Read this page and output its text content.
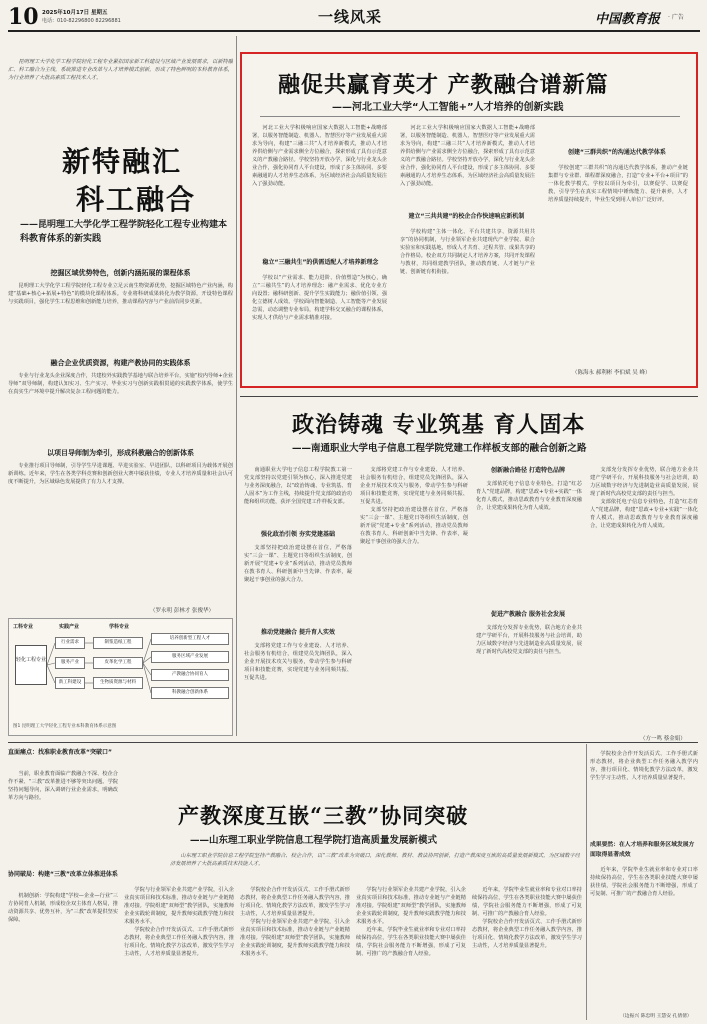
10 2025年10月17日 星期五
电话：010-82296800 82296881	一线风采	中国教育报 · 广告

昆明理工大学化学工程学院轻化工程专业紧扣国家新工科建设与区域产业发展需求，以新特融汇、科工融合为主线，系统推进专业改革与人才培养模式创新，形成了特色鲜明的本科教育体系，为行业培养了大批高素质工程技术人才。

新特融汇
科工融合
——昆明理工大学化学工程学院轻化工程专业构建本科教育体系的新实践
挖掘区域优势特色，创新内涵拓展的课程体系

昆明理工大学化学工程学院轻化工程专业立足云南生物资源优势，挖掘区域特色产业内涵，构建“基础+核心+拓展+特色”的模块化课程体系。专业将科研成果转化为教学资源，开设特色课程与实践项目，强化学生工程思维和创新能力培养，推动课程内容与产业前沿同步更新。

融合企业优质资源，构建产教协同的实践体系

专业与行业龙头企业深度合作，共建校外实践教学基地与联合培养平台，实施“校内导师+企业导师”双导师制，构建认知实习、生产实习、毕业实习与创新实践相贯通的实践教学体系，使学生在真实生产环境中提升解决复杂工程问题的能力。

以项目导师制为牵引，形成科教融合的创新体系

专业推行项目导师制，引导学生早进课题、早进实验室、早进团队，以科研项目为载体开展创新训练。近年来，学生在各类学科竞赛和创新创业大赛中屡获佳绩，专业人才培养质量和社会认可度不断提升，为区域绿色发展提供了有力人才支撑。

（罗永明 彭林才 张俊华）
工科专业	实践产业	学科专业
轻化工程专业
行业需求
服务产业
新工科建设
制浆造纸工程
皮革化学工程
生物质资源与材料
培养创新型工程人才
服务区域产业发展
产教融合协同育人
科教融合创新体系
图1 昆明理工大学轻化工程专业本科教育体系示意图
融促共赢育英才 产教融合谱新篇
——河北工业大学“人工智能+”人才培养的创新实践

河北工业大学积极响应国家大数据人工智能+战略部署，以服务智能制造、机器人、智慧医疗等产业发展重大需求为导向，构建“三融三共”人才培养新模式，推动人才培养供给侧与产业需求侧全方位融合，探索形成了具有示范意义的产教融合路径。学校坚持开放办学，深化与行业龙头企业合作，强化协同育人平台建设，形成了多主体协同、多要素融通的人才培养生态体系，为区域经济社会高质量发展注入了强劲动能。

稳立“三融共生”的供需适配人才培养新理念

学校以“产业需求、能力进阶、价值塑造”为核心，确立“三融共生”的人才培养理念：融产业需求、优化专业方向设置；融科研创新、提升学生实践能力；融价值引领、强化立德树人成效。学校面向智能制造、人工智能等产业发展急需，动态调整专业布局，构建学科交叉融合的课程体系，实现人才供给与产业需求精准对接。

河北工业大学积极响应国家大数据人工智能+战略部署，以服务智能制造、机器人、智慧医疗等产业发展重大需求为导向，构建“三融三共”人才培养新模式，推动人才培养供给侧与产业需求侧全方位融合，探索形成了具有示范意义的产教融合路径。学校坚持开放办学，深化与行业龙头企业合作，强化协同育人平台建设，形成了多主体协同、多要素融通的人才培养生态体系，为区域经济社会高质量发展注入了强劲动能。

建立“三共共建”的校企合作快速响应新机制

学校构建“主体一体化、平台共建共享、资源共用共享”的协同机制，与行业领军企业共建现代产业学院、联合实验室和实践基地，形成人才共育、过程共管、成果共享的合作格局。校企双方共同制定人才培养方案，共同开发课程与教材，共同组建教学团队，推动教育链、人才链与产业链、创新链有机衔接。

创建“三群共织”的沟通达代教学体系

学校创建“三群共织”的沟通达代教学体系，推动产业链集群与专业群、课程群深度融合，打造“专业+平台+项目”的一体化教学模式。学校以项目为牵引，以赛促学、以赛促教，引导学生在真实工程情境中锤炼能力、提升素养，人才培养质量持续提升，毕业生受到用人单位广泛好评。

（陈海永 郝利彬 李伯斌 吴 峰）
政治铸魂 专业筑基 育人固本
——南通职业大学电子信息工程学院党建工作样板支部的融合创新之路

南通职业大学电子信息工程学院教工第一党支部坚持以党建引领为核心，深入推进党建与业务深度融合，以“政治铸魂、专业筑基、育人固本”为工作主线，持续提升党支部的政治功能和组织功能，获评全国党建工作样板支部。

强化政治引领 夯实党建基础

支部坚持把政治建设摆在首位，严格落实“三会一课”、主题党日等组织生活制度，创新开展“党建+专业”系列活动，推动党员教师在教书育人、科研创新中当先锋、作表率，凝聚起干事创业的强大合力。

推动党建融合 提升育人实效

支部将党建工作与专业建设、人才培养、社会服务有机结合，组建党员先锋团队，深入企业开展技术攻关与服务，带动学生参与科研项目和技能竞赛，实现党建与业务同频共振、互促共进。

支部将党建工作与专业建设、人才培养、社会服务有机结合，组建党员先锋团队，深入企业开展技术攻关与服务，带动学生参与科研项目和技能竞赛，实现党建与业务同频共振、互促共进。

支部坚持把政治建设摆在首位，严格落实“三会一课”、主题党日等组织生活制度，创新开展“党建+专业”系列活动，推动党员教师在教书育人、科研创新中当先锋、作表率，凝聚起干事创业的强大合力。

创新融合路径 打造特色品牌

支部依托电子信息专业特色，打造“红芯育人”党建品牌，构建“思政+专业+实践”一体化育人模式，推动思政教育与专业教育深度融合，让党建成果转化为育人成效。

促进产教融合 服务社会发展

支部充分发挥专业优势，联合地方企业共建产学研平台，开展科技服务与社会培训，助力区域数字经济与先进制造业高质量发展，展现了新时代高校党支部的责任与担当。

支部充分发挥专业优势，联合地方企业共建产学研平台，开展科技服务与社会培训，助力区域数字经济与先进制造业高质量发展，展现了新时代高校党支部的责任与担当。

支部依托电子信息专业特色，打造“红芯育人”党建品牌，构建“思政+专业+实践”一体化育人模式，推动思政教育与专业教育深度融合，让党建成果转化为育人成效。

（方一鸣 蔡金娟）
直面痛点：找准职业教育改革“突破口”

当前，职业教育面临产教融合不深、校企合作不紧、“三教”改革推进不够等突出问题。学院坚持问题导向，深入调研行业企业需求，明确改革方向与路径。

协同破局：构建“三教”改革立体推进体系

机制创新：学院构建“学校—企业—行业”三方协同育人机制，形成校企双主体育人格局，推动资源共享、优势互补，为“三教”改革提供坚实保障。

产教深度互嵌“三教”协同突破
——山东理工职业学院信息工程学院打造高质量发展新模式

山东理工职业学院信息工程学院坚持产教融合、校企合作，以“三教”改革为突破口，深化教师、教材、教法协同创新，打造产教深度互嵌的高质量发展新模式，为区域数字经济发展培养了大批高素质技术技能人才。

学院与行业领军企业共建产业学院，引入企业真实项目和技术标准，推动专业链与产业链精准对接。学院组建“双师型”教学团队，实施教师企业实践轮训制度，提升教师实践教学能力和技术服务水平。

学院校企合作开发活页式、工作手册式新形态教材，将企业典型工作任务融入教学内容，推行项目化、情境化教学方法改革，激发学生学习主动性，人才培养质量显著提升。

学院校企合作开发活页式、工作手册式新形态教材，将企业典型工作任务融入教学内容，推行项目化、情境化教学方法改革，激发学生学习主动性，人才培养质量显著提升。

学院与行业领军企业共建产业学院，引入企业真实项目和技术标准，推动专业链与产业链精准对接。学院组建“双师型”教学团队，实施教师企业实践轮训制度，提升教师实践教学能力和技术服务水平。

学院与行业领军企业共建产业学院，引入企业真实项目和技术标准，推动专业链与产业链精准对接。学院组建“双师型”教学团队，实施教师企业实践轮训制度，提升教师实践教学能力和技术服务水平。

近年来，学院毕业生就业率和专业对口率持续保持高位，学生在各类职业技能大赛中屡获佳绩，学院社会服务能力不断增强，形成了可复制、可推广的产教融合育人经验。

近年来，学院毕业生就业率和专业对口率持续保持高位，学生在各类职业技能大赛中屡获佳绩，学院社会服务能力不断增强，形成了可复制、可推广的产教融合育人经验。

学院校企合作开发活页式、工作手册式新形态教材，将企业典型工作任务融入教学内容，推行项目化、情境化教学方法改革，激发学生学习主动性，人才培养质量显著提升。

学院校企合作开发活页式、工作手册式新形态教材，将企业典型工作任务融入教学内容，推行项目化、情境化教学方法改革，激发学生学习主动性，人才培养质量显著提升。

成果要然：在人才培养和服务区域发展方面取得显著成效

近年来，学院毕业生就业率和专业对口率持续保持高位，学生在各类职业技能大赛中屡获佳绩，学院社会服务能力不断增强，形成了可复制、可推广的产教融合育人经验。

（边振兴 陈忠明 王慧安 孔倩倩）
